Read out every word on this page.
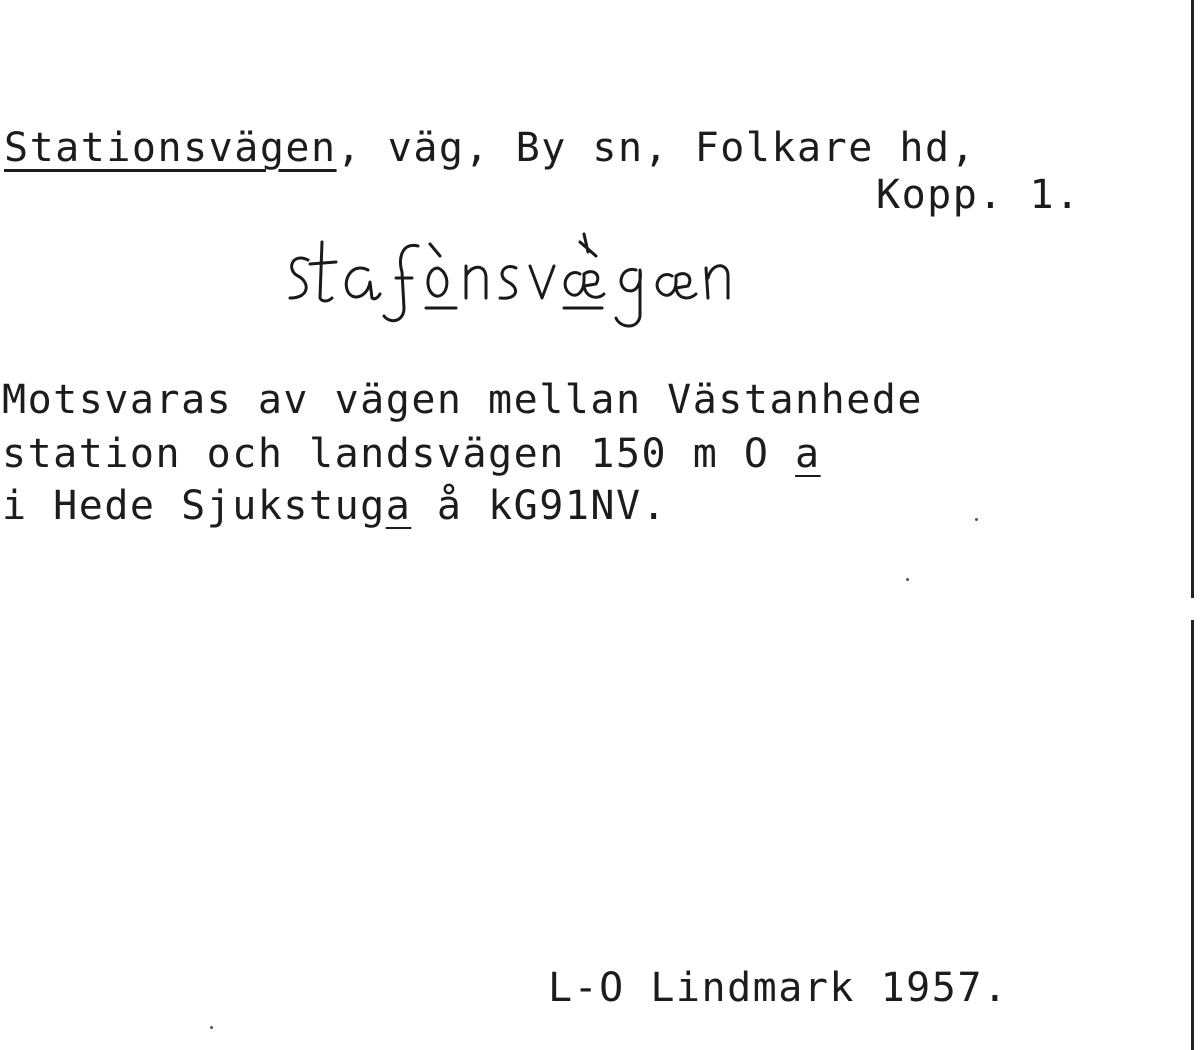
Stationsvägen, väg, By sn, Folkare hd,
Kopp. 1.
Motsvaras av vägen mellan Västanhede
station och landsvägen 150 m O a
i Hede Sjukstuga å kG91NV.
L-O Lindmark 1957.
